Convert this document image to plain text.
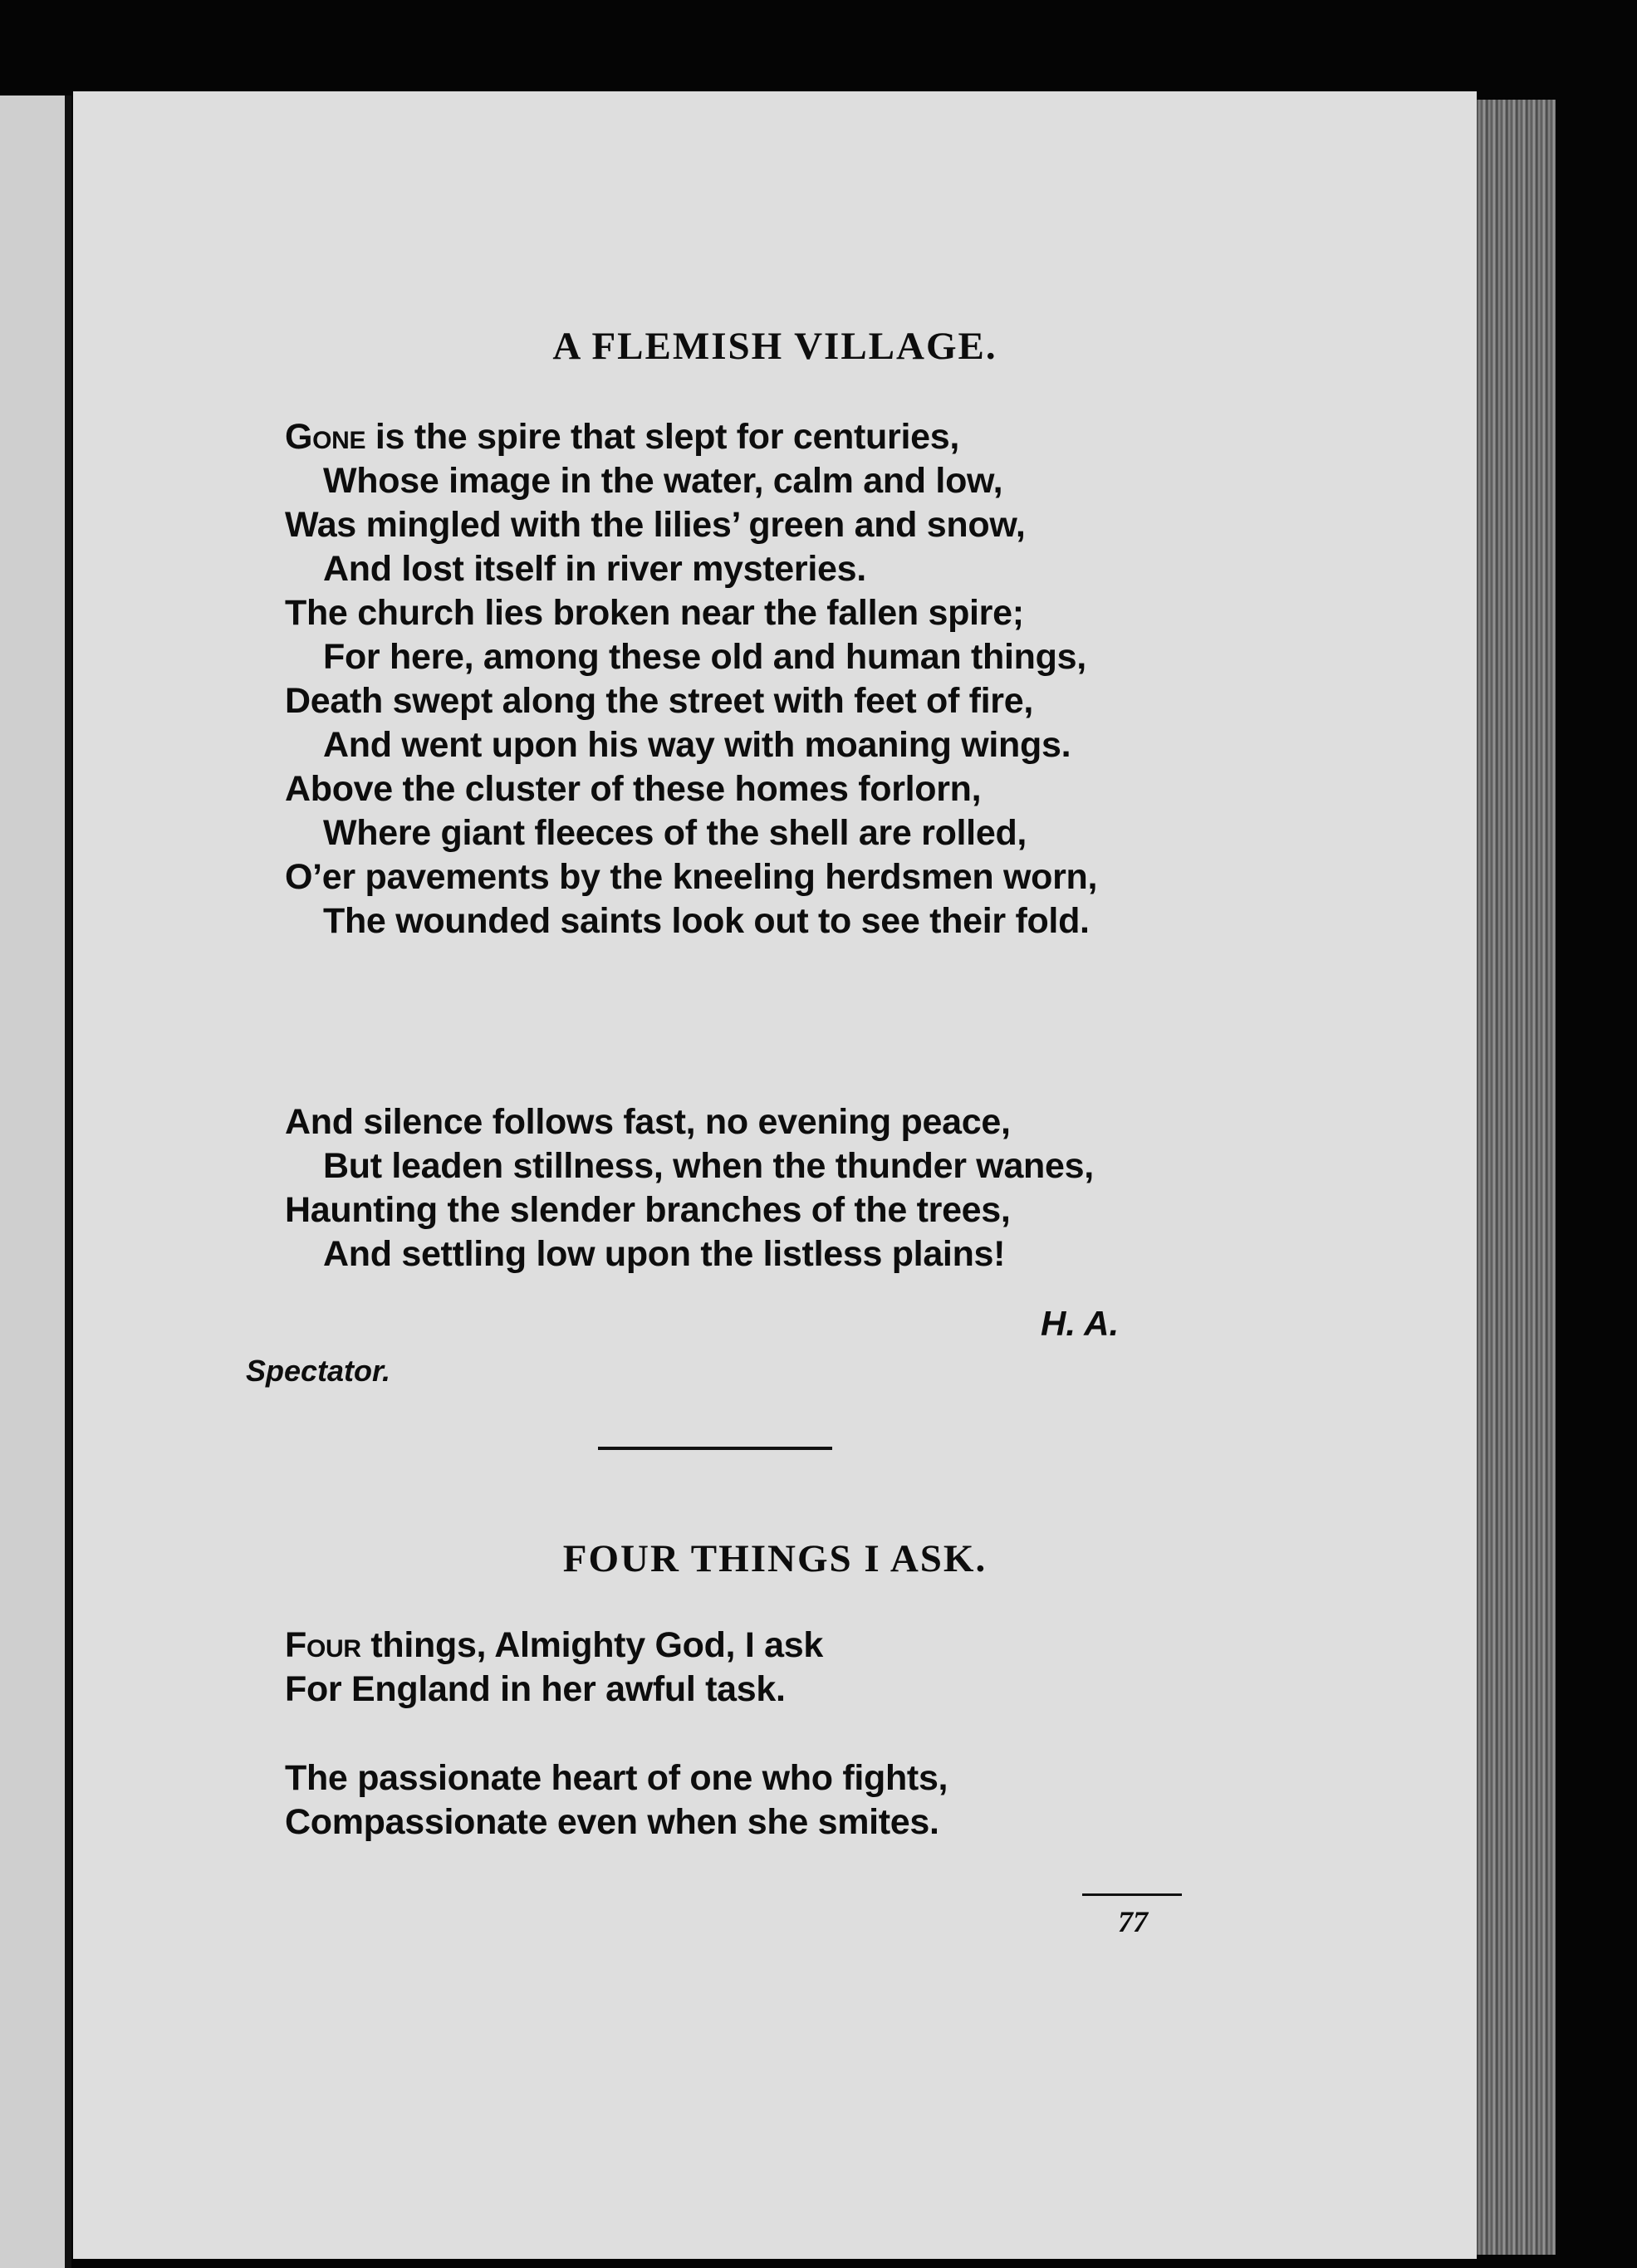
A FLEMISH VILLAGE.
Gone is the spire that slept for centuries,
Whose image in the water, calm and low,
Was mingled with the lilies’ green and snow,
And lost itself in river mysteries.
The church lies broken near the fallen spire;
For here, among these old and human things,
Death swept along the street with feet of fire,
And went upon his way with moaning wings.
Above the cluster of these homes forlorn,
Where giant fleeces of the shell are rolled,
O’er pavements by the kneeling herdsmen worn,
The wounded saints look out to see their fold.
And silence follows fast, no evening peace,
But leaden stillness, when the thunder wanes,
Haunting the slender branches of the trees,
And settling low upon the listless plains!
H. A.
Spectator.
FOUR THINGS I ASK.
Four things, Almighty God, I ask
For England in her awful task.
The passionate heart of one who fights,
Compassionate even when she smites.
77
